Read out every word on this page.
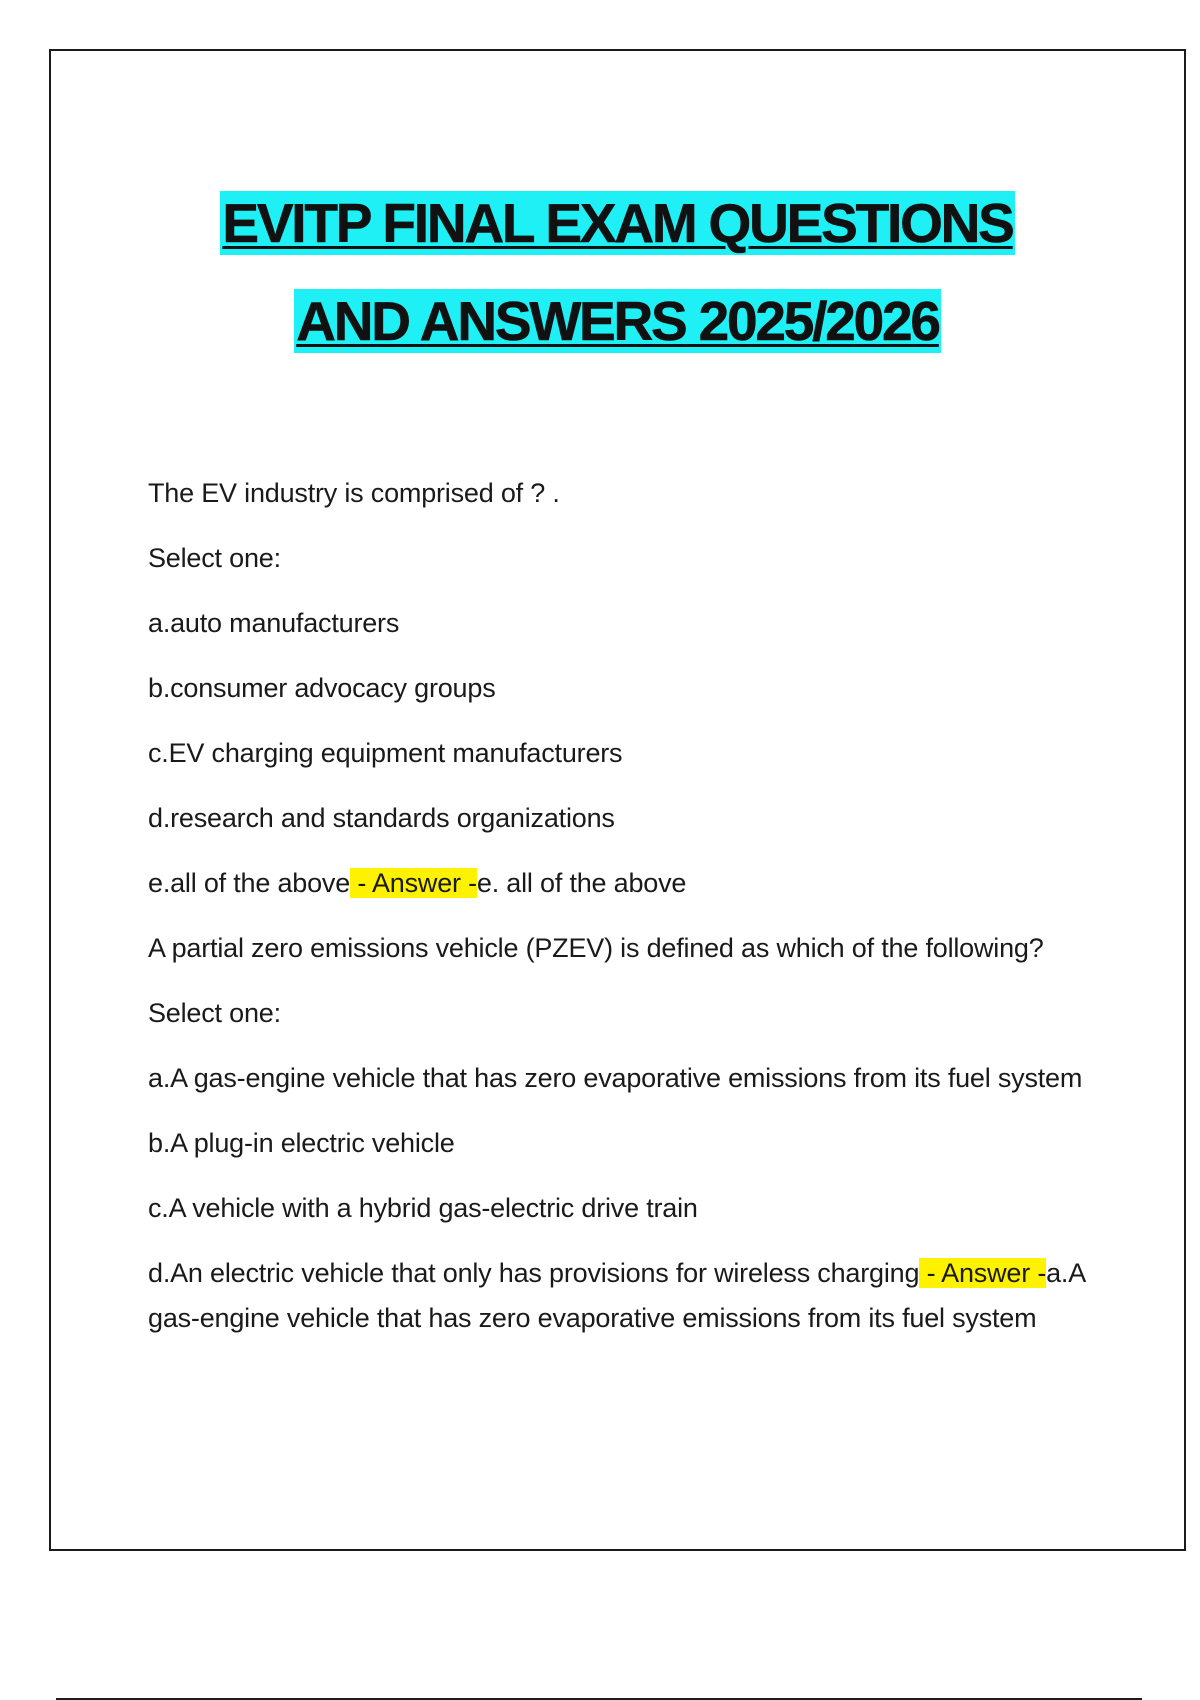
EVITP FINAL EXAM QUESTIONS
AND ANSWERS 2025/2026

The EV industry is comprised of ? .

Select one:

a.auto manufacturers

b.consumer advocacy groups

c.EV charging equipment manufacturers

d.research and standards organizations

e.all of the above - Answer -e. all of the above

A partial zero emissions vehicle (PZEV) is defined as which of the following?

Select one:

a.A gas-engine vehicle that has zero evaporative emissions from its fuel system

b.A plug-in electric vehicle

c.A vehicle with a hybrid gas-electric drive train

d.An electric vehicle that only has provisions for wireless charging - Answer -a.A gas-engine vehicle that has zero evaporative emissions from its fuel system
